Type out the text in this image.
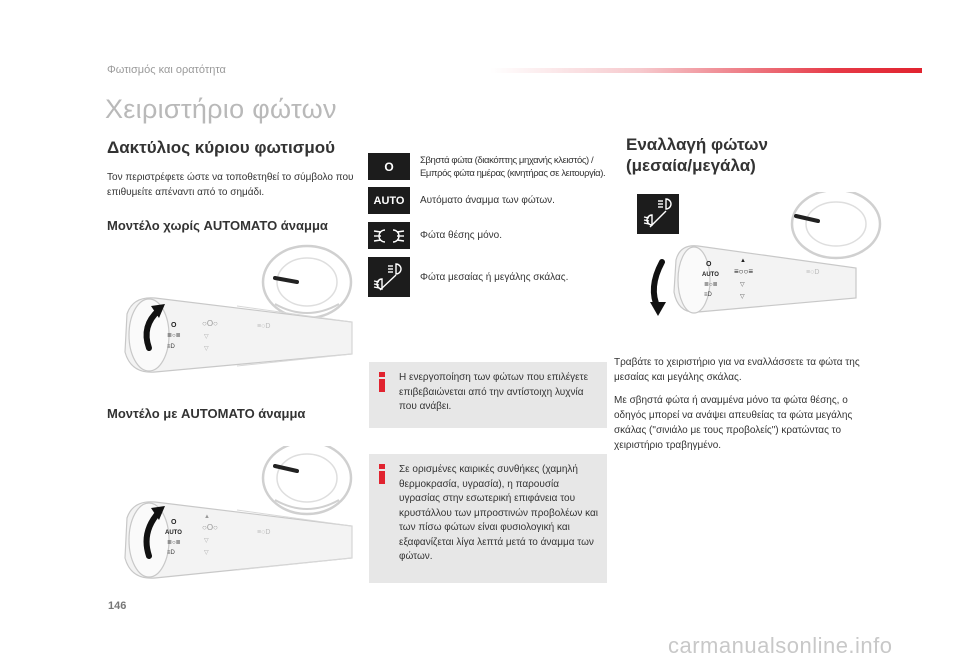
Φωτισμός και ορατότητα
Χειριστήριο φώτων
Δακτύλιος κύριου φωτισμού
Τον περιστρέφετε ώστε να τοποθετηθεί το σύμβολο που επιθυμείτε απέναντι από το σημάδι.
Μοντέλο χωρίς AUTOMATO άναμμα
Μοντέλο με AUTOMATO άναμμα
O
≣○≣
≡D
○O○
▽
▽
≡○D
O
AUTO
≣○≣
≡D
▲
○O○
▽
▽
≡○D
O	Σβηστά φώτα (διακόπτης μηχανής κλειστός) / Εμπρός φώτα ημέρας (κινητήρας σε λειτουργία).
AUTO	Αυτόματο άναμμα των φώτων.
Φώτα θέσης μόνο.
Φώτα μεσαίας ή μεγάλης σκάλας.
Η ενεργοποίηση των φώτων που επιλέγετε επιβεβαιώνεται από την αντίστοιχη λυχνία που ανάβει.
Σε ορισμένες καιρικές συνθήκες (χαμηλή θερμοκρασία, υγρασία), η παρουσία υγρασίας στην εσωτερική επιφάνεια του κρυστάλλου των μπροστινών προβολέων και των πίσω φώτων είναι φυσιολογική και εξαφανίζεται λίγα λεπτά μετά το άναμμα των φώτων.
Εναλλαγή φώτων
(μεσαία/μεγάλα)
O
AUTO
≣○≣
≡D
▲
≡○○≡
▽
▽
≡○D
Τραβάτε το χειριστήριο για να εναλλάσσετε τα φώτα της μεσαίας και μεγάλης σκάλας.
Με σβηστά φώτα ή αναμμένα μόνο τα φώτα θέσης, ο οδηγός μπορεί να ανάψει απευθείας τα φώτα μεγάλης σκάλας ("σινιάλο με τους προβολείς") κρατώντας το χειριστήριο τραβηγμένο.
146
carmanualsonline.info
